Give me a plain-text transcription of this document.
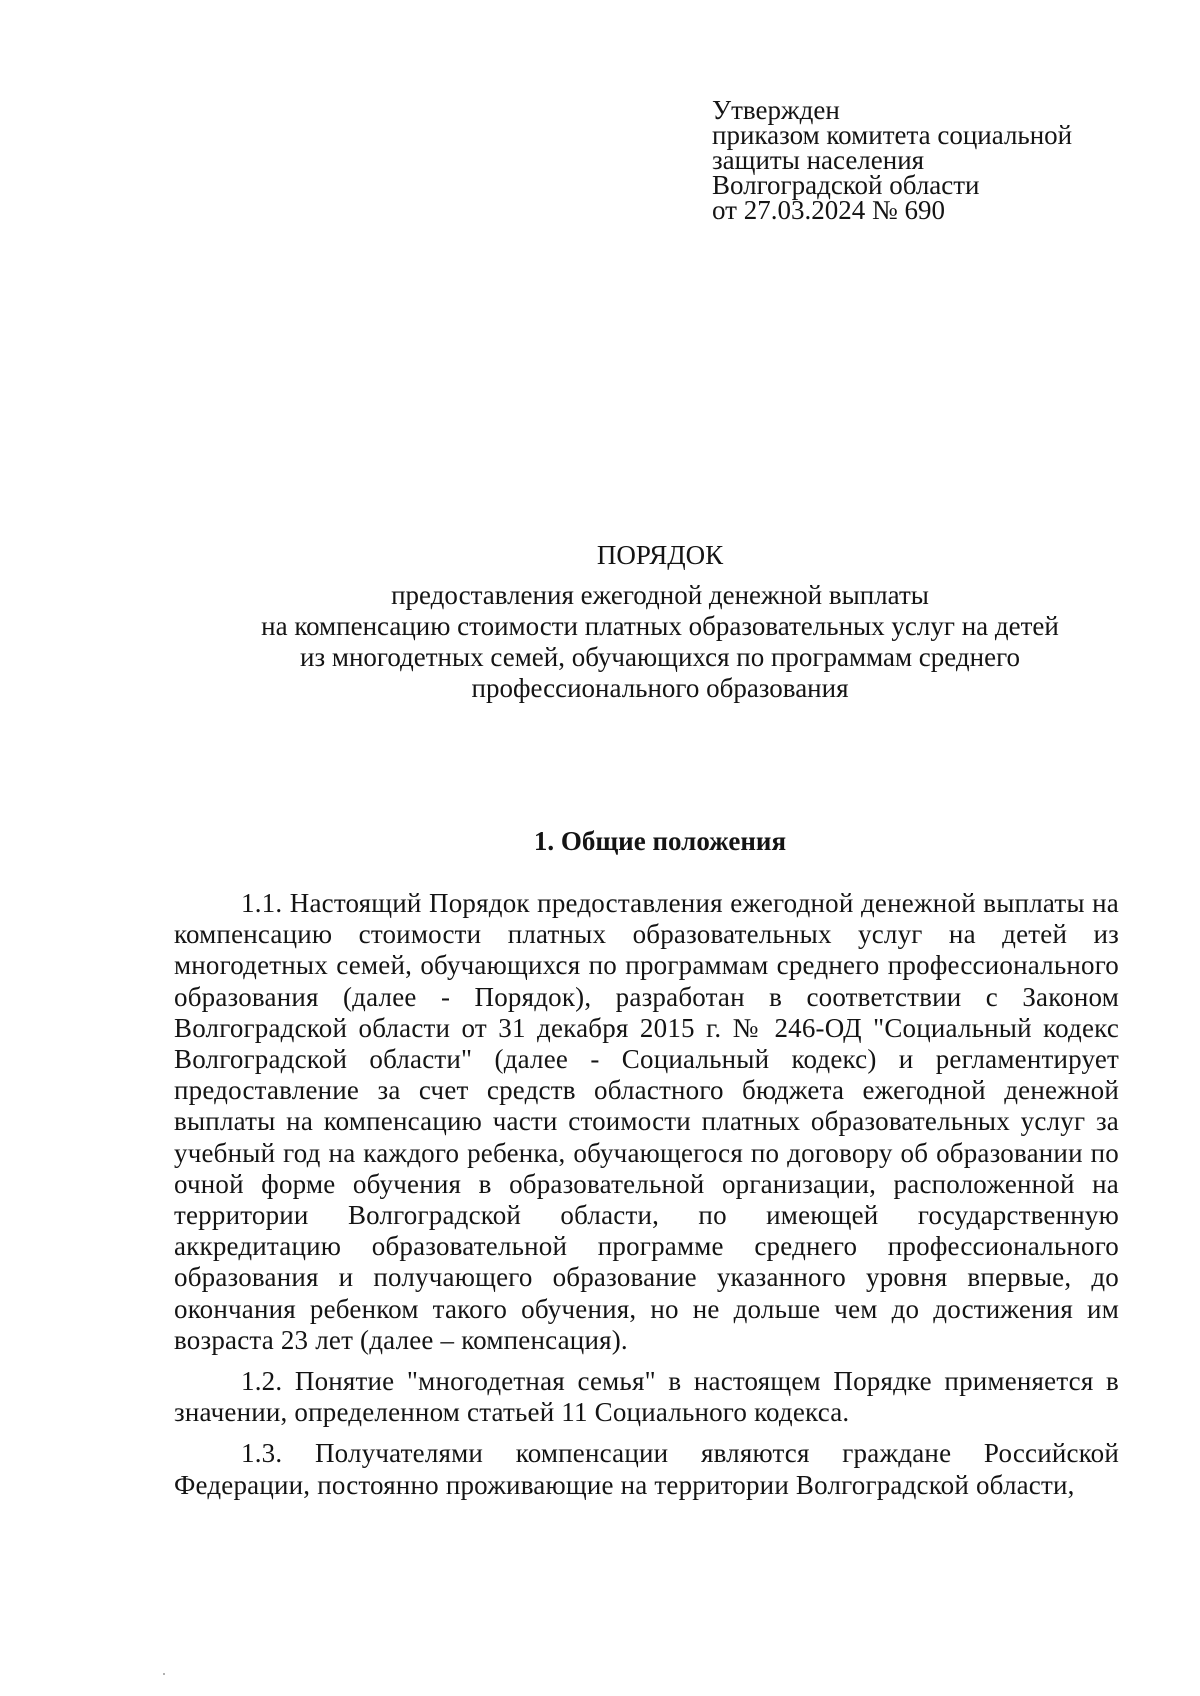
Утвержден
приказом комитета социальной
защиты населения
Волгоградской области
от 27.03.2024 № 690
ПОРЯДОК
предоставления ежегодной денежной выплаты
на компенсацию стоимости платных образовательных услуг на детей
из многодетных семей, обучающихся по программам среднего
профессионального образования
1. Общие положения

1.1. Настоящий Порядок предоставления ежегодной денежной выплаты на компенсацию стоимости платных образовательных услуг на детей из многодетных семей, обучающихся по программам среднего профессионального образования (далее - Порядок), разработан в соответствии с Законом Волгоградской области от 31 декабря 2015 г. № 246-ОД "Социальный кодекс Волгоградской области" (далее - Социальный кодекс) и регламентирует предоставление за счет средств областного бюджета ежегодной денежной выплаты на компенсацию части стоимости платных образовательных услуг за учебный год на каждого ребенка, обучающегося по договору об образовании по очной форме обучения в образовательной организации, расположенной на территории Волгоградской области, по имеющей государственную аккредитацию образовательной программе среднего профессионального образования и получающего образование указанного уровня впервые, до окончания ребенком такого обучения, но не дольше чем до достижения им возраста 23 лет (далее – компенсация).

1.2. Понятие "многодетная семья" в настоящем Порядке применяется в значении, определенном статьей 11 Социального кодекса.

1.3. Получателями компенсации являются граждане Российской Федерации, постоянно проживающие на территории Волгоградской области,
